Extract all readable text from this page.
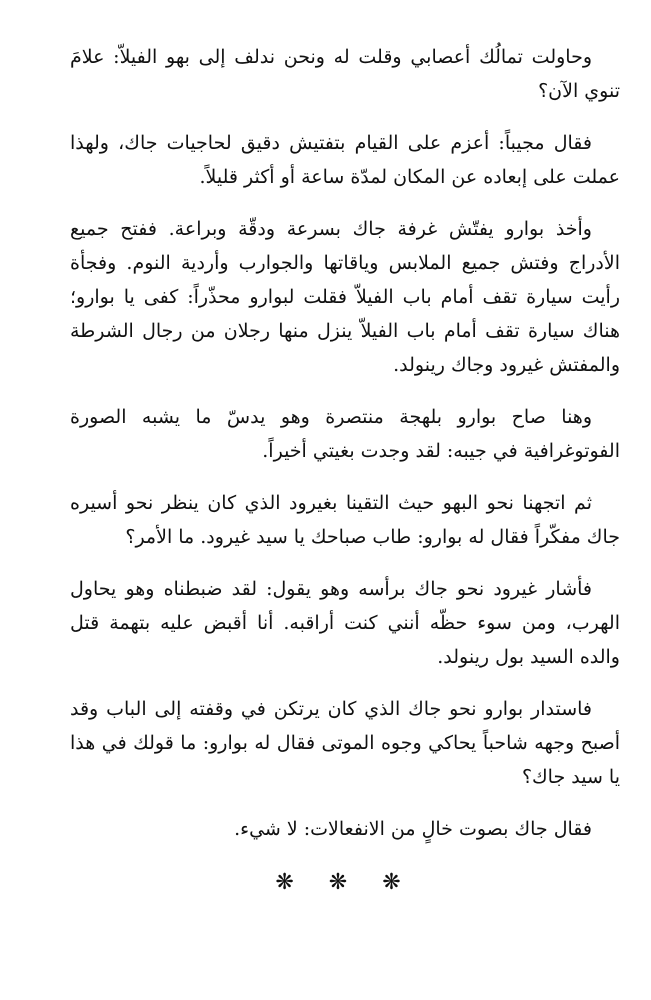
وحاولت تمالُك أعصابي وقلت له ونحن ندلف إلى بهو الفيلاّ: علامَ تنوي الآن؟

فقال مجيباً: أعزم على القيام بتفتيش دقيق لحاجيات جاك، ولهذا عملت على إبعاده عن المكان لمدّة ساعة أو أكثر قليلاً.

وأخذ بوارو يفتّش غرفة جاك بسرعة ودقّة وبراعة. ففتح جميع الأدراج وفتش جميع الملابس وياقاتها والجوارب وأردية النوم. وفجأة رأيت سيارة تقف أمام باب الفيلاّ فقلت لبوارو محذّراً: كفى يا بوارو؛ هناك سيارة تقف أمام باب الفيلاّ ينزل منها رجلان من رجال الشرطة والمفتش غيرود وجاك رينولد.

وهنا صاح بوارو بلهجة منتصرة وهو يدسّ ما يشبه الصورة الفوتوغرافية في جيبه: لقد وجدت بغيتي أخيراً.

ثم اتجهنا نحو البهو حيث التقينا بغيرود الذي كان ينظر نحو أسيره جاك مفكّراً فقال له بوارو: طاب صباحك يا سيد غيرود. ما الأمر؟

فأشار غيرود نحو جاك برأسه وهو يقول: لقد ضبطناه وهو يحاول الهرب، ومن سوء حظّه أنني كنت أراقبه. أنا أقبض عليه بتهمة قتل والده السيد بول رينولد.

فاستدار بوارو نحو جاك الذي كان يرتكن في وقفته إلى الباب وقد أصبح وجهه شاحباً يحاكي وجوه الموتى فقال له بوارو: ما قولك في هذا يا سيد جاك؟

فقال جاك بصوت خالٍ من الانفعالات: لا شيء.

❋ ❋ ❋
